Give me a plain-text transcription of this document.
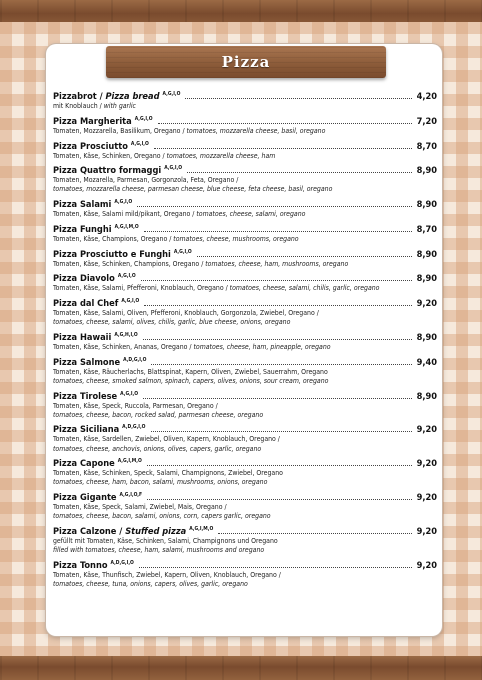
Pizza
Pizzabrot / Pizza bread $^{A,G,I,O}$	4,20
mit Knoblauch / with garlic
Pizza Margherita $^{A,G,I,O}$	7,20
Tomaten, Mozzarella, Basilikum, Oregano / tomatoes, mozzarella cheese, basil, oregano
Pizza Prosciutto $^{A,G,I,O}$	8,70
Tomaten, Käse, Schinken, Oregano / tomatoes, mozzarella cheese, ham
Pizza Quattro formaggi $^{A,G,I,O}$	8,90
Tomaten, Mozarella, Parmesan, Gorgonzola, Feta, Oregano /
tomatoes, mozzarella cheese, parmesan cheese, blue cheese, feta cheese, basil, oregano
Pizza Salami $^{A,G,I,O}$	8,90
Tomaten, Käse, Salami mild/pikant, Oregano / tomatoes, cheese, salami, oregano
Pizza Funghi $^{A,G,I,M,O}$	8,70
Tomaten, Käse, Champions, Oregano / tomatoes, cheese, mushrooms, oregano
Pizza Prosciutto e Funghi $^{A,G,I,O}$	8,90
Tomaten, Käse, Schinken, Champions, Oregano / tomatoes, cheese, ham, mushrooms, oregano
Pizza Diavolo $^{A,G,I,O}$	8,90
Tomaten, Käse, Salami, Pfefferoni, Knoblauch, Oregano / tomatoes, cheese, salami, chilis, garlic, oregano
Pizza dal Chef $^{A,G,I,O}$	9,20
Tomaten, Käse, Salami, Oliven, Pfefferoni, Knoblauch, Gorgonzola, Zwiebel, Oregano /
tomatoes, cheese, salami, olives, chilis, garlic, blue cheese, onions, oregano
Pizza Hawaii $^{A,G,H,I,O}$	8,90
Tomaten, Käse, Schinken, Ananas, Oregano / tomatoes, cheese, ham, pineapple, oregano
Pizza Salmone $^{A,D,G,I,O}$	9,40
Tomaten, Käse, Räucherlachs, Blattspinat, Kapern, Oliven, Zwiebel, Sauerrahm, Oregano
tomatoes, cheese, smoked salmon, spinach, capers, olives, onions, sour cream, oregano
Pizza Tirolese $^{A,G,I,O}$	8,90
Tomaten, Käse, Speck, Ruccola, Parmesan, Oregano /
tomatoes, cheese, bacon, rocked salad, parmesan cheese, oregano
Pizza Siciliana $^{A,D,G,I,O}$	9,20
Tomaten, Käse, Sardellen, Zwiebel, Oliven, Kapern, Knoblauch, Oregano /
tomatoes, cheese, anchovis, onions, olives, capers, garlic, oregano
Pizza Capone $^{A,G,I,M,O}$	9,20
Tomaten, Käse, Schinken, Speck, Salami, Champignons, Zwiebel, Oregano
tomatoes, cheese, ham, bacon, salami, mushrooms, onions, oregano
Pizza Gigante $^{A,G,I,O,F}$	9,20
Tomaten, Käse, Speck, Salami, Zwiebel, Mais, Oregano /
tomatoes, cheese, bacon, salami, onions, corn, capers garlic, oregano
Pizza Calzone / Stuffed pizza $^{A,G,I,M,O}$	9,20
gefüllt mit Tomaten, Käse, Schinken, Salami, Champignons und Oregano
filled with tomatoes, cheese, ham, salami, mushrooms and oregano
Pizza Tonno $^{A,D,G,I,O}$	9,20
Tomaten, Käse, Thunfisch, Zwiebel, Kapern, Oliven, Knoblauch, Oregano /
tomatoes, cheese, tuna, onions, capers, olives, garlic, oregano
